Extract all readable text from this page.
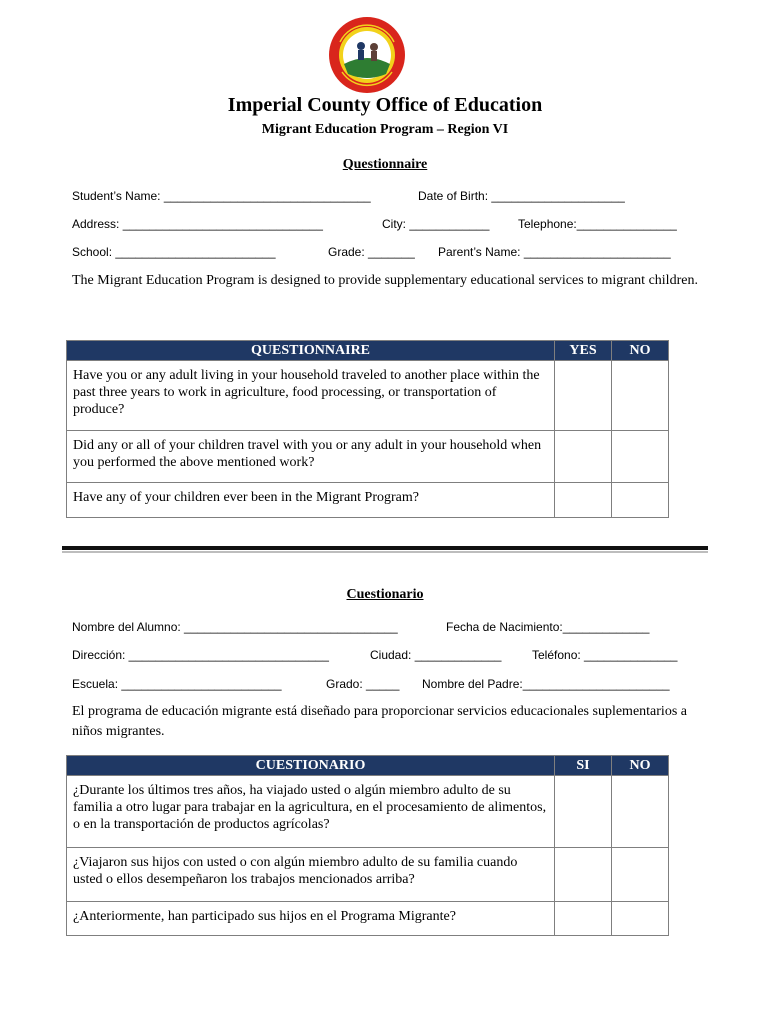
Imperial County Office of Education
Migrant Education Program – Region VI
Questionnaire

Student’s Name: _______________________________

	Date of Birth: ____________________

Address: ______________________________

	City: ____________

Telephone:_______________

School: ________________________

	Grade: _______

Parent’s Name: ______________________

The Migrant Education Program is designed to provide supplementary educational services to migrant children.
QUESTIONNAIRE	YES	NO
Have you or any adult living in your household traveled to another place within the past three years to work in agriculture, food processing, or transportation of produce?		
Did any or all of your children travel with you or any adult in your household when you performed the above mentioned work?		
Have any of your children ever been in the Migrant Program?		
Cuestionario

Nombre del Alumno: ________________________________

	Fecha de Nacimiento:_____________

Dirección: ______________________________

	Ciudad: _____________

	Teléfono: ______________

Escuela: ________________________

	Grado: _____

Nombre del Padre:______________________

El programa de educación migrante está diseñado para proporcionar servicios educacionales suplementarios a niños migrantes.
CUESTIONARIO	SI	NO
¿Durante los últimos tres años, ha viajado usted o algún miembro adulto de su familia a otro lugar para trabajar en la agricultura, en el procesamiento de alimentos, o en la transportación de productos agrícolas?		
¿Viajaron sus hijos con usted o con algún miembro adulto de su familia cuando usted o ellos desempeñaron los trabajos mencionados arriba?		
¿Anteriormente, han participado sus hijos en el Programa Migrante?		
